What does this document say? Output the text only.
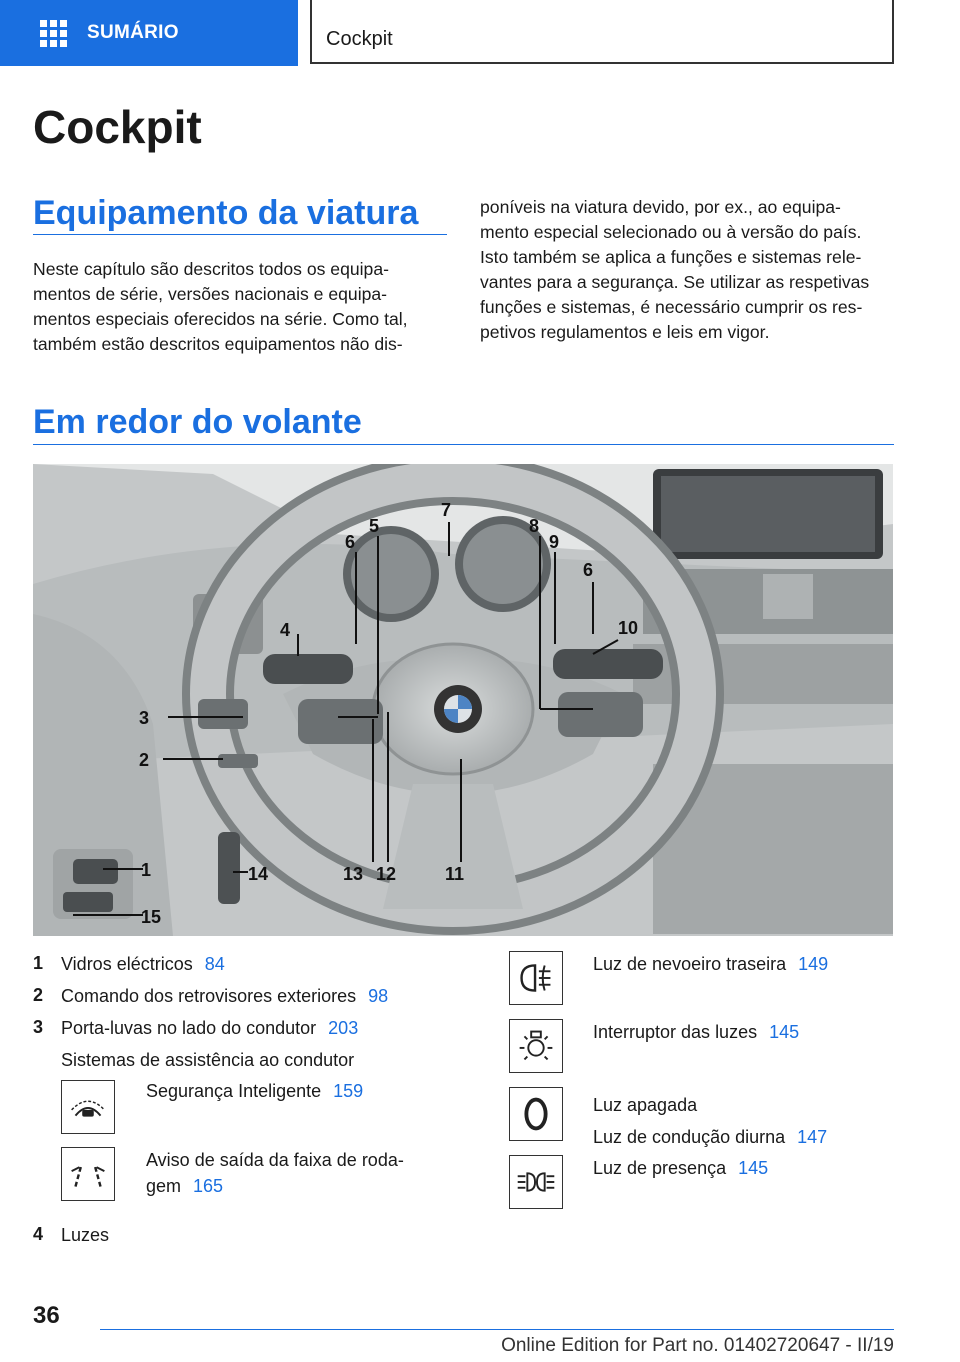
SUMÁRIO	Cockpit
Cockpit
Equipamento da viatura
Neste capítulo são descritos todos os equipa‐
mentos de série, versões nacionais e equipa‐
mentos especiais oferecidos na série. Como tal,
também estão descritos equipamentos não dis‐
poníveis na viatura devido, por ex., ao equipa‐
mento especial selecionado ou à versão do país.
Isto também se aplica a funções e sistemas rele‐
vantes para a segurança. Se utilizar as respetivas
funções e sistemas, é necessário cumprir os res‐
petivos regulamentos e leis em vigor.
Em redor do volante
7
6
5	8
9
6
10
4
3
2
11
12
13
14
1
15
1 Vidros eléctricos 84
2 Comando dos retrovisores exteriores 98
3 Porta-luvas no lado do condutor 203
Sistemas de assistência ao condutor
Segurança Inteligente 159
Aviso de saída da faixa de roda‐
gem 165
4 Luzes
Luz de nevoeiro traseira 149
Interruptor das luzes 145
Luz apagada
Luz de condução diurna 147
Luz de presença 145
36
Online Edition for Part no. 01402720647 - II/19
